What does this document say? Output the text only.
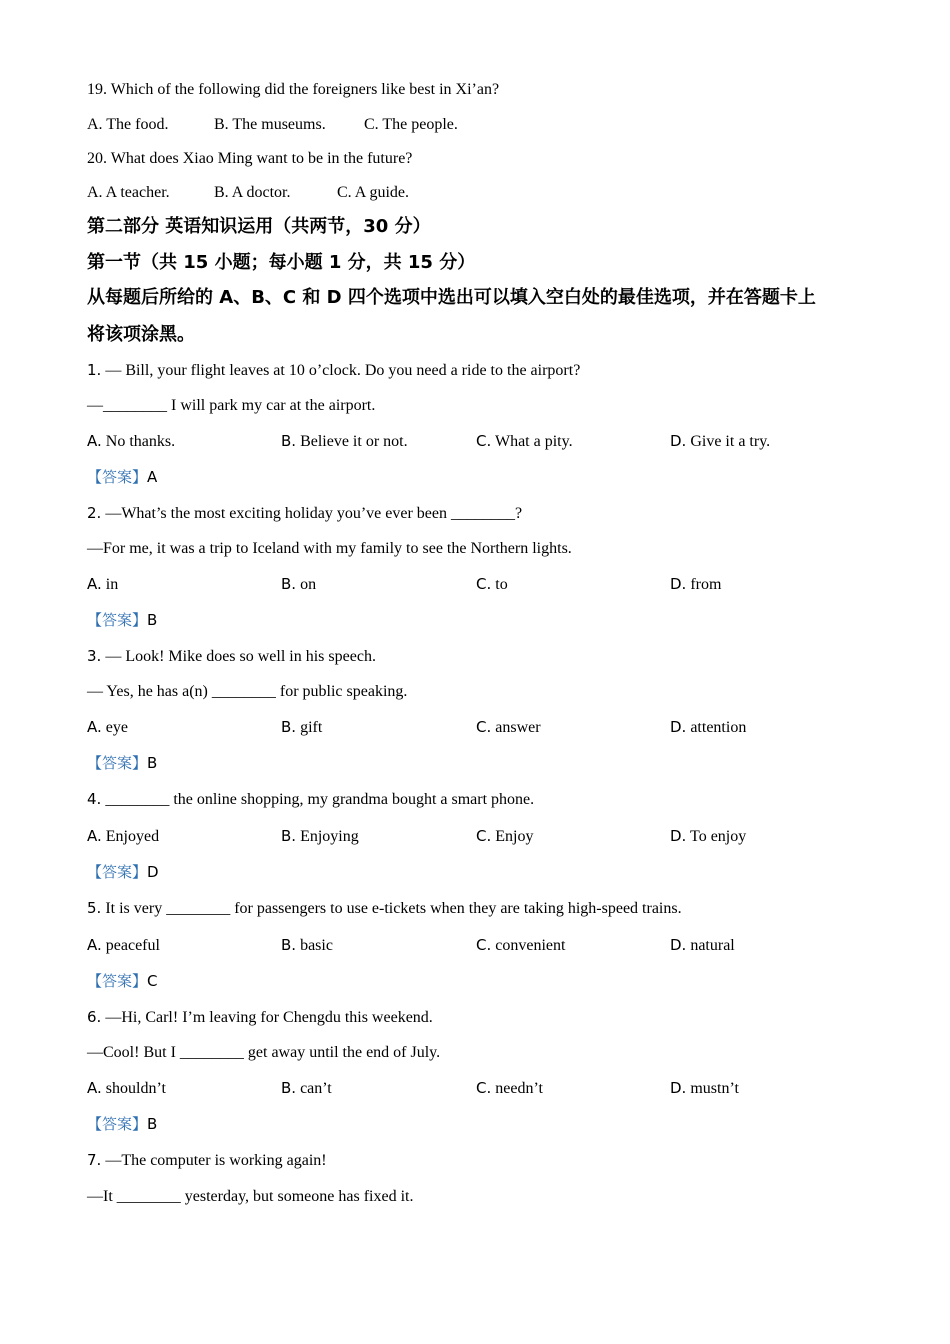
19. Which of the following did the foreigners like best in Xi’an?
A. The food.	B. The museums. C. The people.
20. What does Xiao Ming want to be in the future?
A. A teacher.	B. A doctor.	C. A guide.
第二部分 英语知识运用（共两节，30 分）
第一节（共 15 小题；每小题 1 分，共 15 分）
从每题后所给的 A、B、C 和 D 四个选项中选出可以填入空白处的最佳选项，并在答题卡上
将该项涂黑。
1. — Bill, your flight leaves at 10 o’clock. Do you need a ride to the airport?
—________ I will park my car at the airport.
A. No thanks.	B. Believe it or not.	C. What a pity.	D. Give it a try.
【答案】A
2. —What’s the most exciting holiday you’ve ever been ________?
—For me, it was a trip to Iceland with my family to see the Northern lights.
A. in	B. on	C. to	D. from
【答案】B
3. — Look! Mike does so well in his speech.
— Yes, he has a(n) ________ for public speaking.
A. eye	B. gift	C. answer	D. attention
【答案】B
4. ________ the online shopping, my grandma bought a smart phone.
A. Enjoyed	B. Enjoying	C. Enjoy	D. To enjoy
【答案】D
5. It is very ________ for passengers to use e-tickets when they are taking high-speed trains.
A. peaceful	B. basic	C. convenient	D. natural
【答案】C
6. —Hi, Carl! I’m leaving for Chengdu this weekend.
—Cool! But I ________ get away until the end of July.
A. shouldn’t	B. can’t	C. needn’t	D. mustn’t
【答案】B
7. —The computer is working again!
—It ________ yesterday, but someone has fixed it.
